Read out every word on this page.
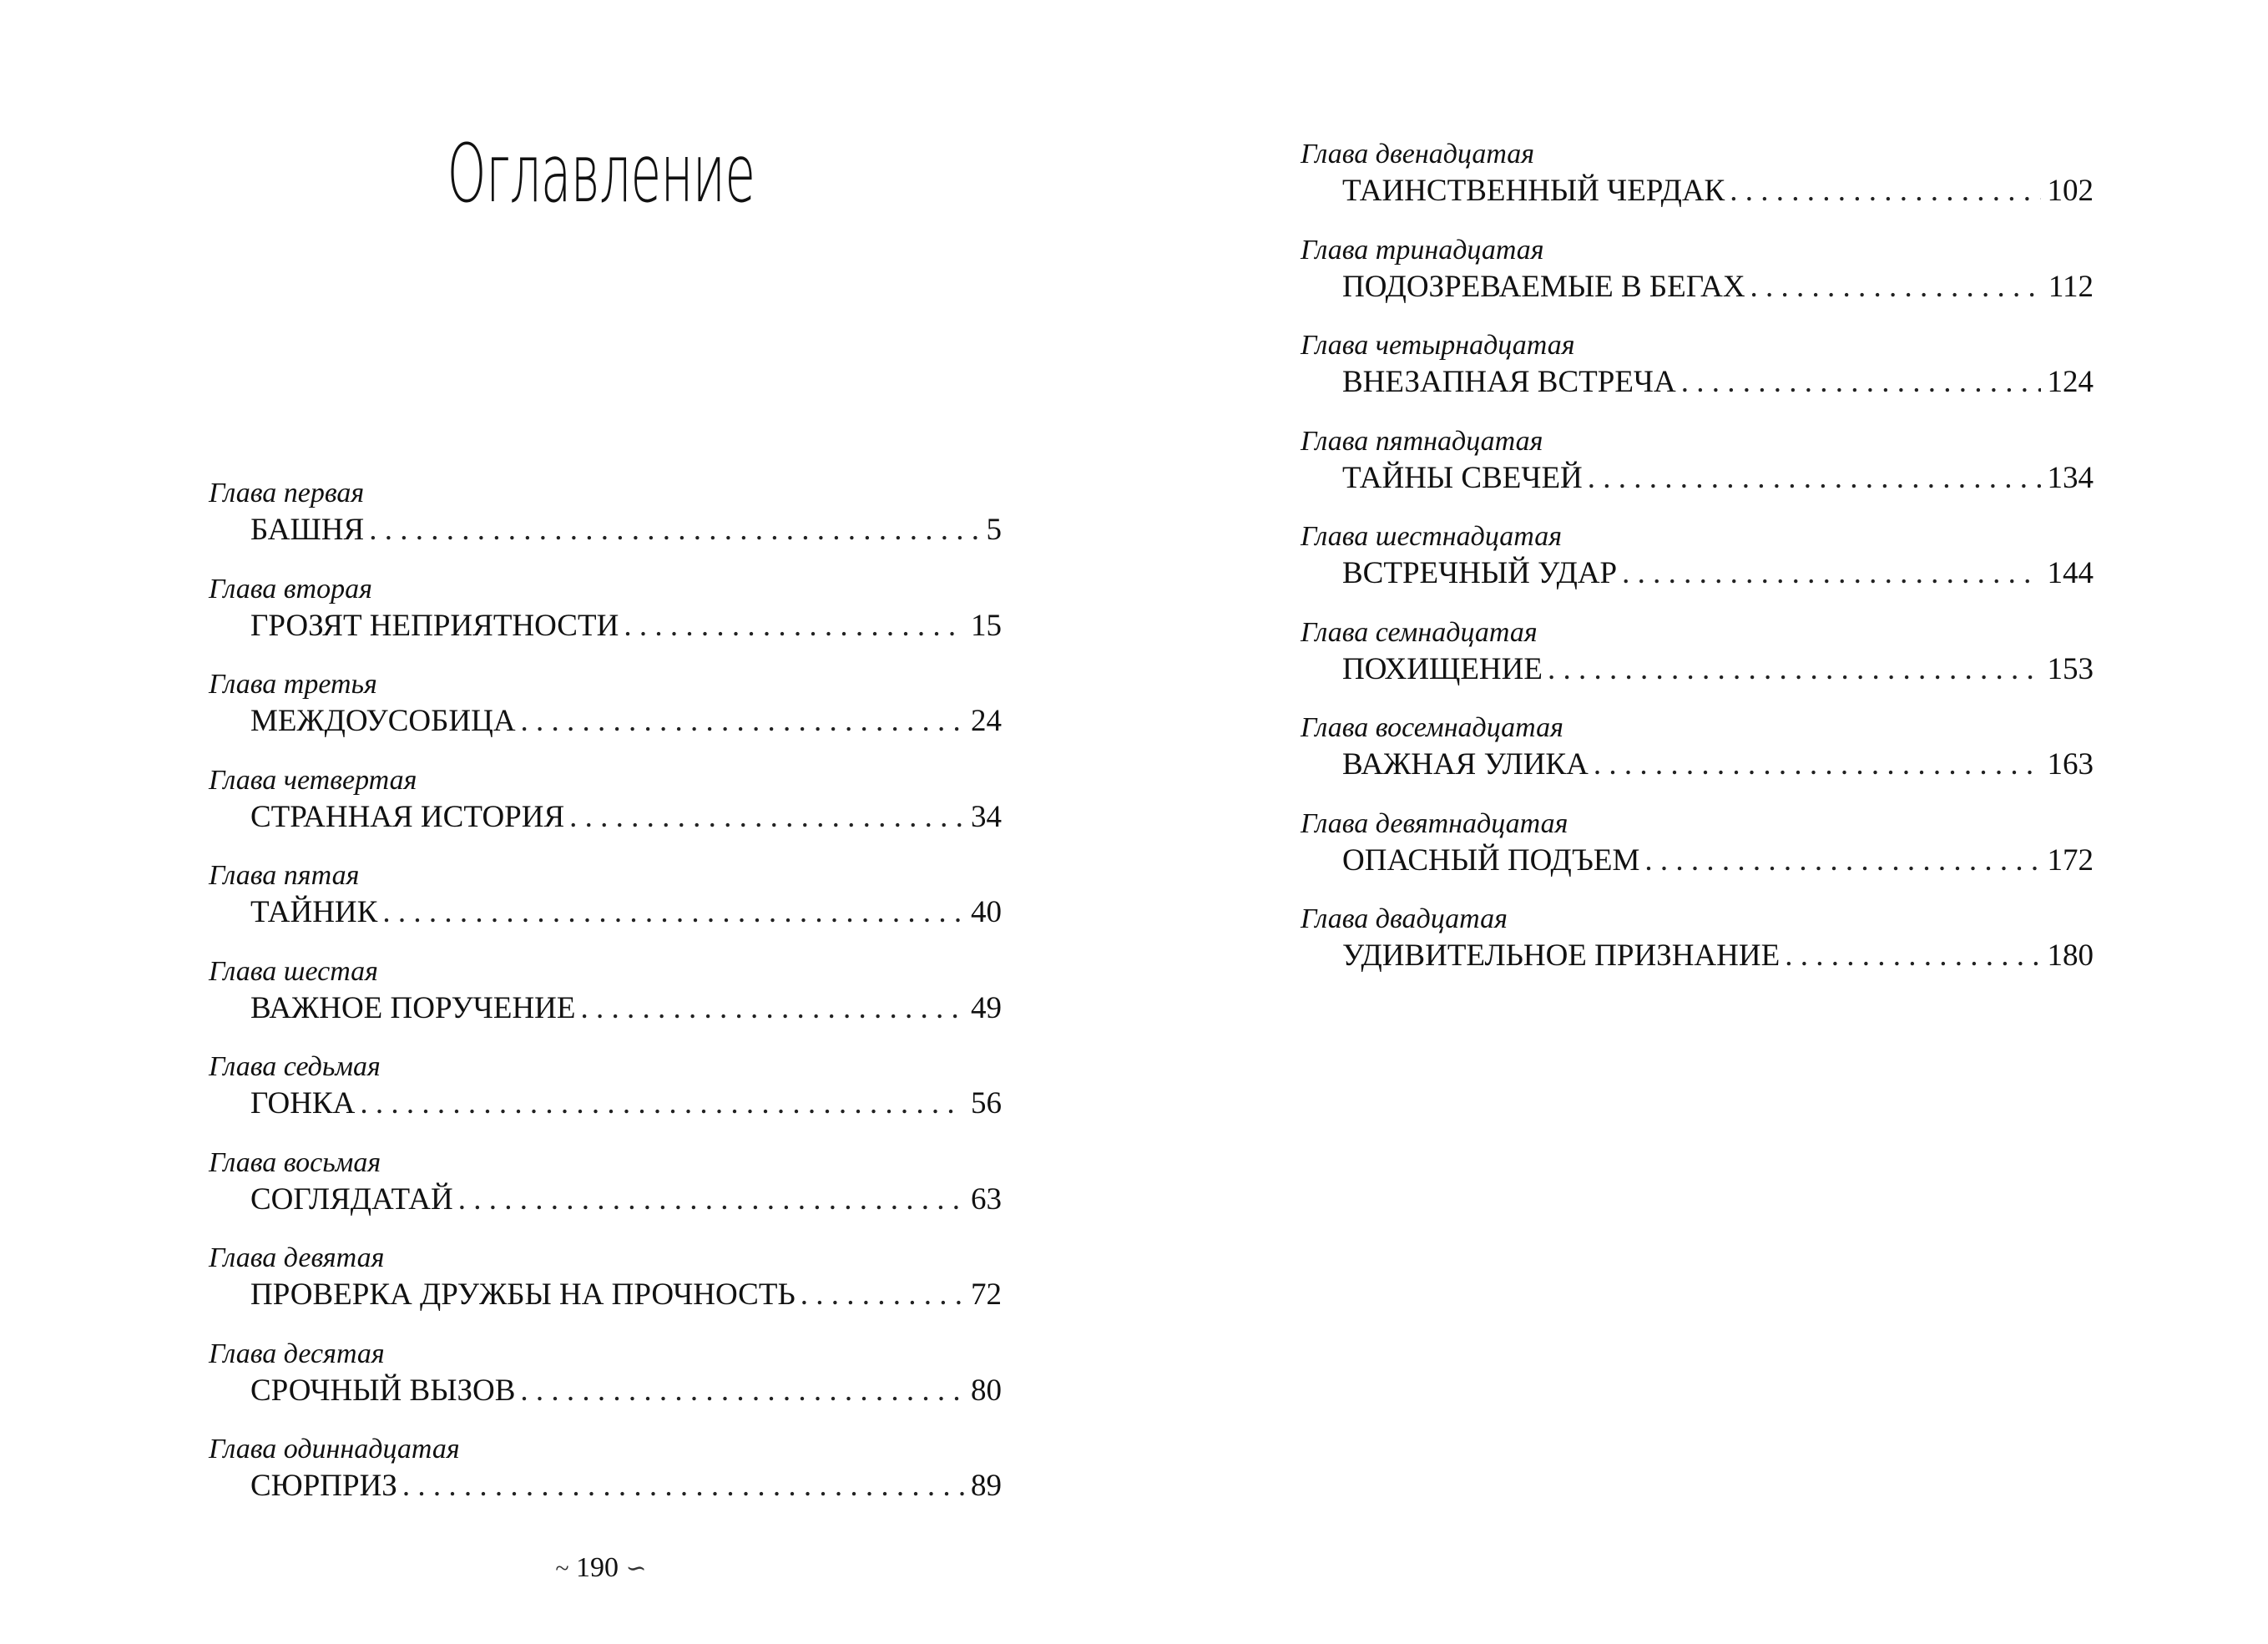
Оглавление
Глава первая
БАШНЯ . . .	5
Глава вторая
ГРОЗЯТ НЕПРИЯТНОСТИ . . .	15
Глава третья
МЕЖДОУСОБИЦА . . .	24
Глава четвертая
СТРАННАЯ ИСТОРИЯ . . .	34
Глава пятая
ТАЙНИК . . .	40
Глава шестая
ВАЖНОЕ ПОРУЧЕНИЕ . . .	49
Глава седьмая
ГОНКА . . .	56
Глава восьмая
СОГЛЯДАТАЙ . . .	63
Глава девятая
ПРОВЕРКА ДРУЖБЫ НА ПРОЧНОСТЬ . . .	72
Глава десятая
СРОЧНЫЙ ВЫЗОВ . . .	80
Глава одиннадцатая
СЮРПРИЗ . . .	89
~ 190 ∽
Глава двенадцатая
ТАИНСТВЕННЫЙ ЧЕРДАК . . .	102
Глава тринадцатая
ПОДОЗРЕВАЕМЫЕ В БЕГАХ . . .	112
Глава четырнадцатая
ВНЕЗАПНАЯ ВСТРЕЧА . . .	124
Глава пятнадцатая
ТАЙНЫ СВЕЧЕЙ . . .	134
Глава шестнадцатая
ВСТРЕЧНЫЙ УДАР . . .	144
Глава семнадцатая
ПОХИЩЕНИЕ . . .	153
Глава восемнадцатая
ВАЖНАЯ УЛИКА . . .	163
Глава девятнадцатая
ОПАСНЫЙ ПОДЪЕМ . . .	172
Глава двадцатая
УДИВИТЕЛЬНОЕ ПРИЗНАНИЕ . . .	180
